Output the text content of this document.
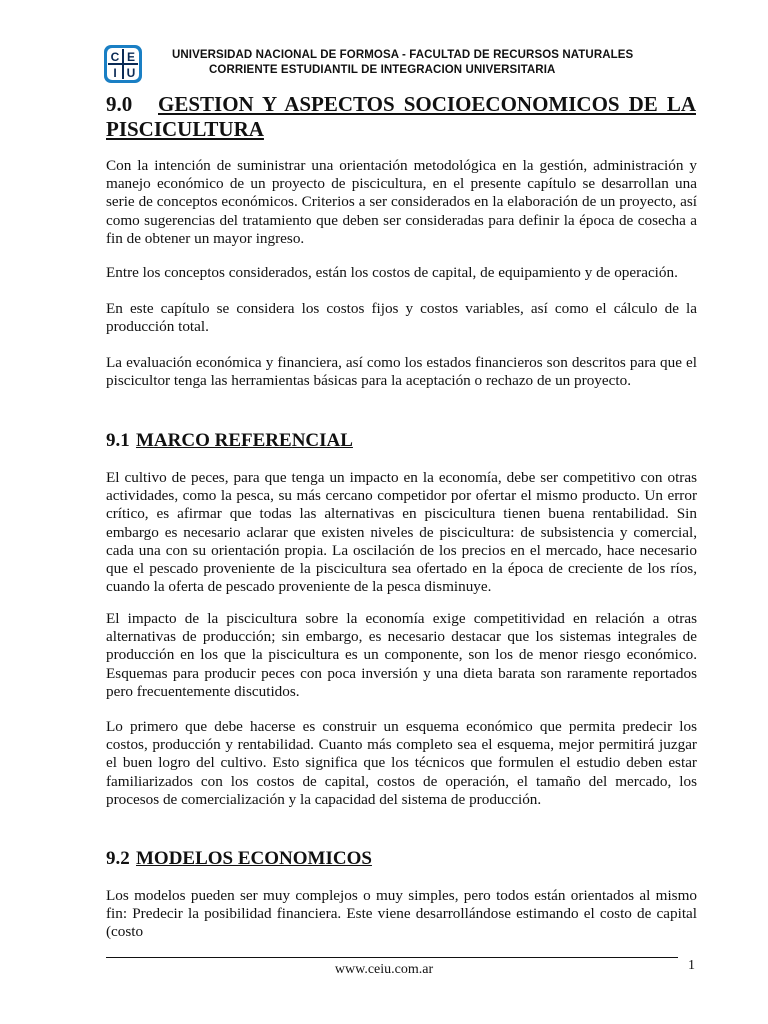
C E
I U
UNIVERSIDAD NACIONAL DE FORMOSA - FACULTAD DE RECURSOS NATURALES
CORRIENTE ESTUDIANTIL DE INTEGRACION UNIVERSITARIA
9.0 GESTION Y ASPECTOS SOCIOECONOMICOS DE LA PISCICULTURA

Con la intención de suministrar una orientación metodológica en la gestión, administración y manejo económico de un proyecto de piscicultura, en el presente capítulo se desarrollan una serie de conceptos económicos. Criterios a ser considerados en la elaboración de un proyecto, así como sugerencias del tratamiento que deben ser consideradas para definir la época de cosecha a fin de obtener un mayor ingreso.

Entre los conceptos considerados, están los costos de capital, de equipamiento y de operación.

En este capítulo se considera los costos fijos y costos variables, así como el cálculo de la producción total.

La evaluación económica y financiera, así como los estados financieros son descritos para que el piscicultor tenga las herramientas básicas para la aceptación o rechazo de un proyecto.

9.1 MARCO REFERENCIAL

El cultivo de peces, para que tenga un impacto en la economía, debe ser competitivo con otras actividades, como la pesca, su más cercano competidor por ofertar el mismo producto. Un error crítico, es afirmar que todas las alternativas en piscicultura tienen buena rentabilidad. Sin embargo es necesario aclarar que existen niveles de piscicultura: de subsistencia y comercial, cada una con su orientación propia. La oscilación de los precios en el mercado, hace necesario que el pescado proveniente de la piscicultura sea ofertado en la época de creciente de los ríos, cuando la oferta de pescado proveniente de la pesca disminuye.

El impacto de la piscicultura sobre la economía exige competitividad en relación a otras alternativas de producción; sin embargo, es necesario destacar que los sistemas integrales de producción en los que la piscicultura es un componente, son los de menor riesgo económico. Esquemas para producir peces con poca inversión y una dieta barata son raramente reportados pero frecuentemente discutidos.

Lo primero que debe hacerse es construir un esquema económico que permita predecir los costos, producción y rentabilidad. Cuanto más completo sea el esquema, mejor permitirá juzgar el buen logro del cultivo. Esto significa que los técnicos que formulen el estudio deben estar familiarizados con los costos de capital, costos de operación, el tamaño del mercado, los procesos de comercialización y la capacidad del sistema de producción.

9.2 MODELOS ECONOMICOS

Los modelos pueden ser muy complejos o muy simples, pero todos están orientados al mismo fin: Predecir la posibilidad financiera. Este viene desarrollándose estimando el costo de capital (costo

www.ceiu.com.ar	1
